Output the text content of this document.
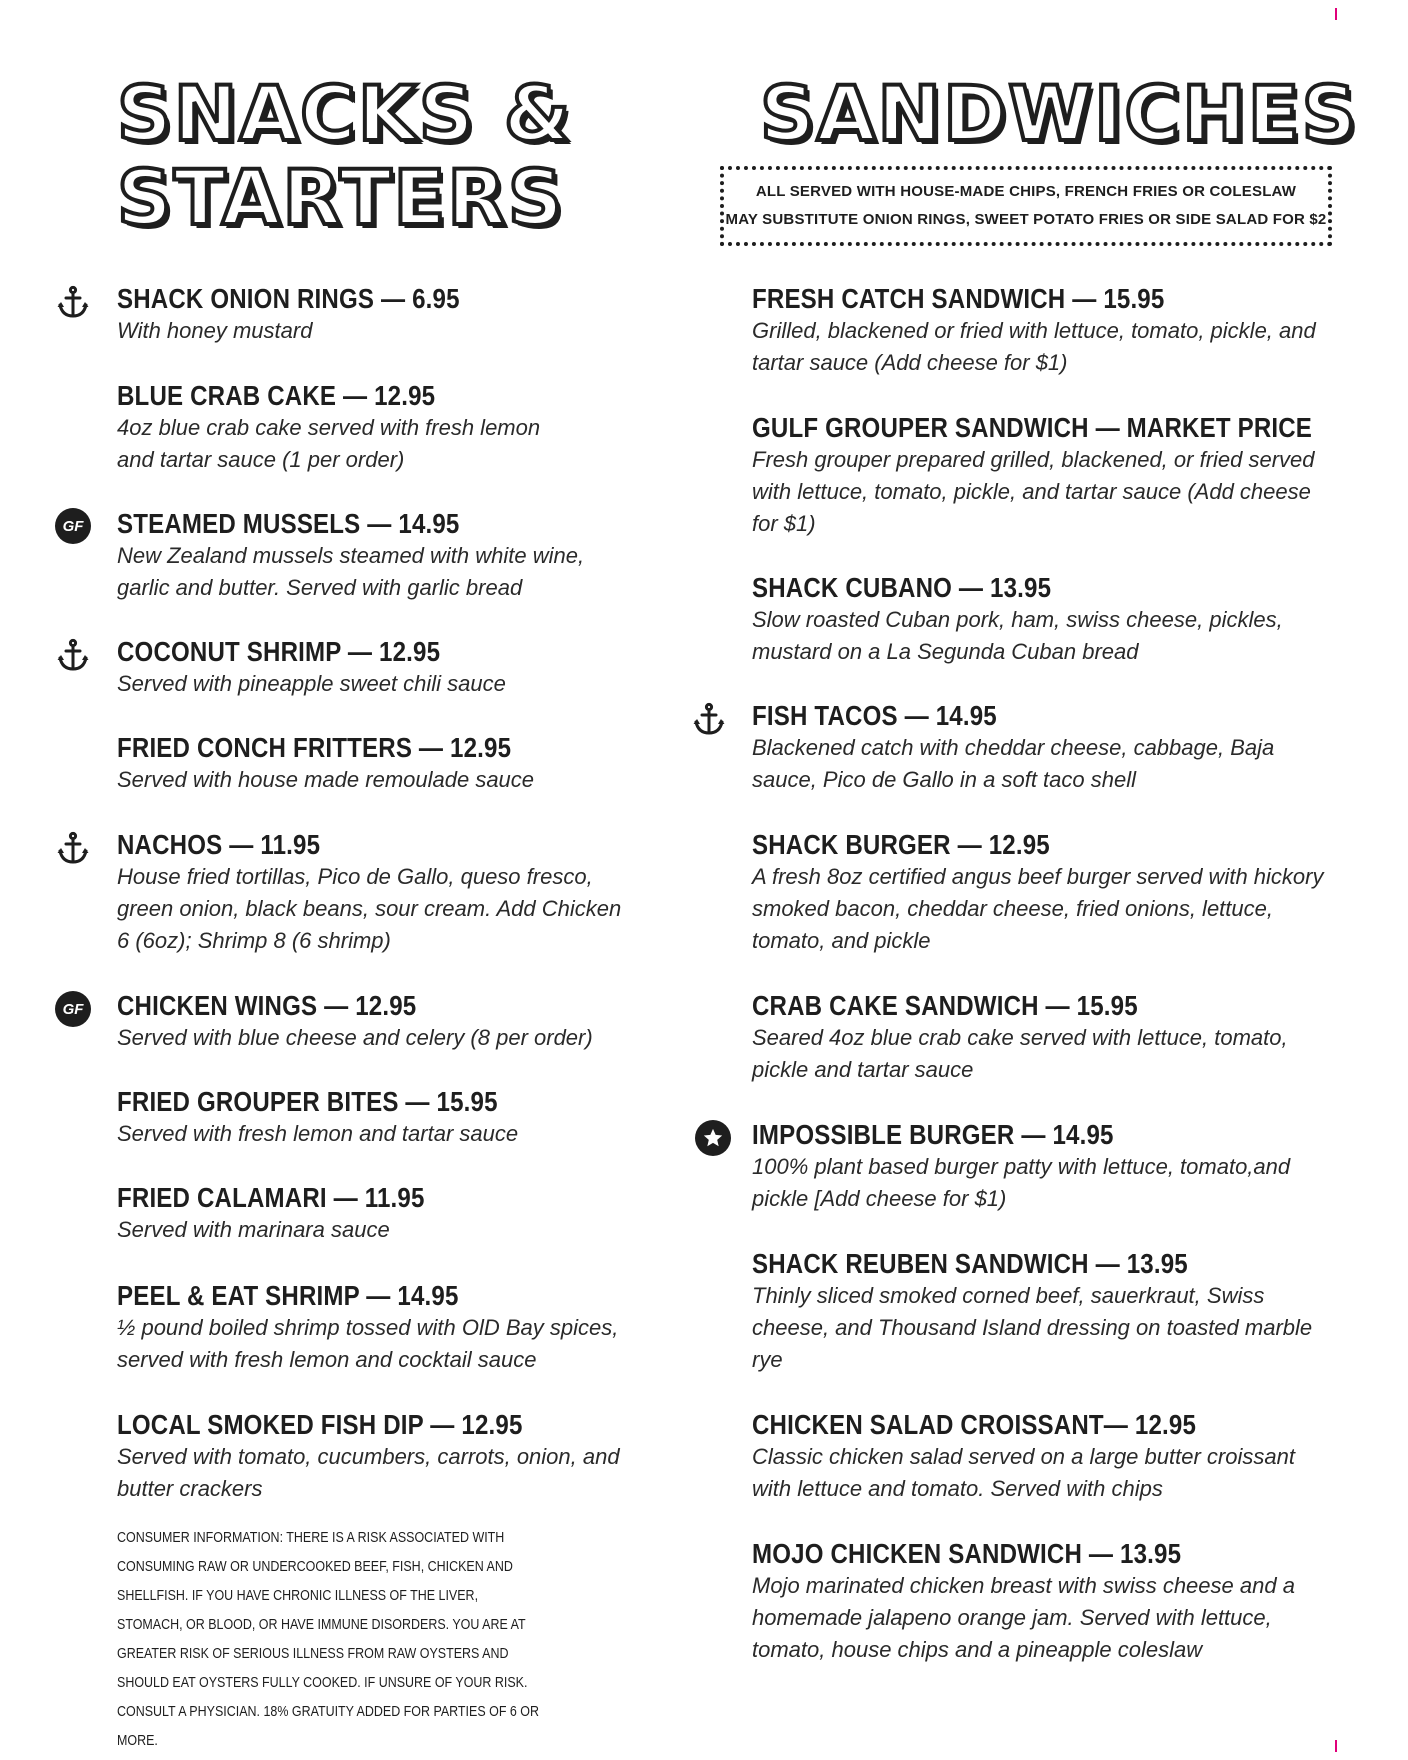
SNACKS &
STARTERS
SHACK ONION RINGS — 6.95
With honey mustard
BLUE CRAB CAKE — 12.95
4oz blue crab cake served with fresh lemon and tartar sauce (1 per order)
GF STEAMED MUSSELS — 14.95
New Zealand mussels steamed with white wine, garlic and butter. Served with garlic bread
COCONUT SHRIMP — 12.95
Served with pineapple sweet chili sauce
FRIED CONCH FRITTERS — 12.95
Served with house made remoulade sauce
NACHOS — 11.95
House fried tortillas, Pico de Gallo, queso fresco, green onion, black beans, sour cream. Add Chicken 6 (6oz); Shrimp 8 (6 shrimp)
GF CHICKEN WINGS — 12.95
Served with blue cheese and celery (8 per order)
FRIED GROUPER BITES — 15.95
Served with fresh lemon and tartar sauce
FRIED CALAMARI — 11.95
Served with marinara sauce
PEEL & EAT SHRIMP — 14.95
½ pound boiled shrimp tossed with OlD Bay spices, served with fresh lemon and cocktail sauce
LOCAL SMOKED FISH DIP — 12.95
Served with tomato, cucumbers, carrots, onion, and butter crackers
CONSUMER INFORMATION: THERE IS A RISK ASSOCIATED WITH CONSUMING RAW OR UNDERCOOKED BEEF, FISH, CHICKEN AND SHELLFISH. IF YOU HAVE CHRONIC ILLNESS OF THE LIVER, STOMACH, OR BLOOD, OR HAVE IMMUNE DISORDERS. YOU ARE AT GREATER RISK OF SERIOUS ILLNESS FROM RAW OYSTERS AND SHOULD EAT OYSTERS FULLY COOKED. IF UNSURE OF YOUR RISK. CONSULT A PHYSICIAN. 18% GRATUITY ADDED FOR PARTIES OF 6 OR MORE.
SANDWICHES
ALL SERVED WITH HOUSE-MADE CHIPS, FRENCH FRIES OR COLESLAW
MAY SUBSTITUTE ONION RINGS, SWEET POTATO FRIES OR SIDE SALAD FOR $2
FRESH CATCH SANDWICH — 15.95
Grilled, blackened or fried with lettuce, tomato, pickle, and tartar sauce (Add cheese for $1)
GULF GROUPER SANDWICH — MARKET PRICE
Fresh grouper prepared grilled, blackened, or fried served with lettuce, tomato, pickle, and tartar sauce (Add cheese for $1)
SHACK CUBANO — 13.95
Slow roasted Cuban pork, ham, swiss cheese, pickles, mustard on a La Segunda Cuban bread
FISH TACOS — 14.95
Blackened catch with cheddar cheese, cabbage, Baja sauce, Pico de Gallo in a soft taco shell
SHACK BURGER — 12.95
A fresh 8oz certified angus beef burger served with hickory smoked bacon, cheddar cheese, fried onions, lettuce, tomato, and pickle
CRAB CAKE SANDWICH — 15.95
Seared 4oz blue crab cake served with lettuce, tomato, pickle and tartar sauce
IMPOSSIBLE BURGER — 14.95
100% plant based burger patty with lettuce, tomato,and pickle [Add cheese for $1)
SHACK REUBEN SANDWICH — 13.95
Thinly sliced smoked corned beef, sauerkraut, Swiss cheese, and Thousand Island dressing on toasted marble rye
CHICKEN SALAD CROISSANT— 12.95
Classic chicken salad served on a large butter croissant with lettuce and tomato. Served with chips
MOJO CHICKEN SANDWICH — 13.95
Mojo marinated chicken breast with swiss cheese and a homemade jalapeno orange jam. Served with lettuce, tomato, house chips and a pineapple coleslaw
